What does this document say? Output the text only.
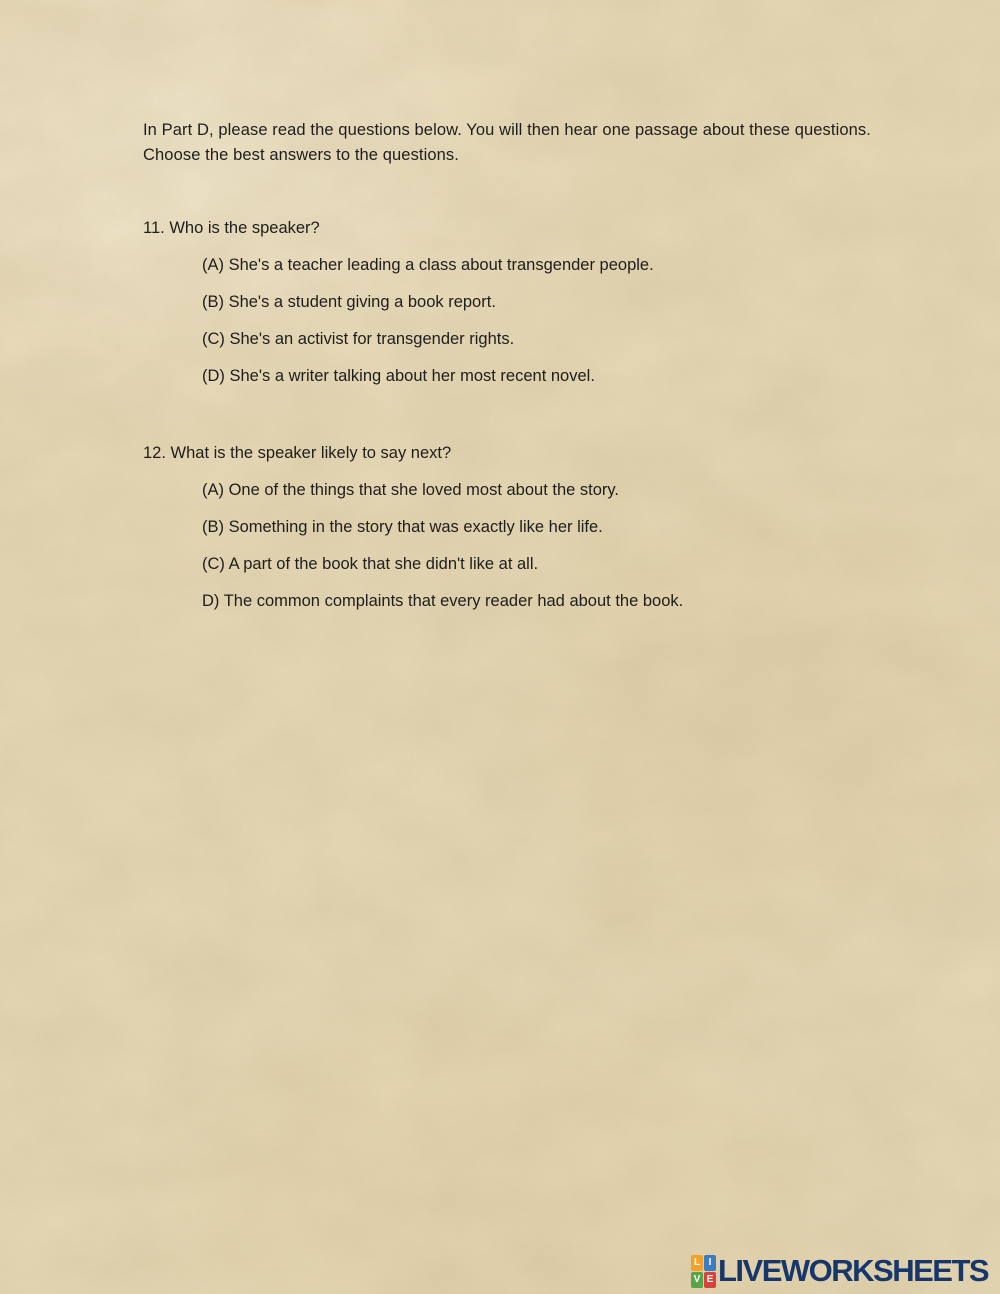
In Part D, please read the questions below. You will then hear one passage about these questions. Choose the best answers to the questions.

11. Who is the speaker?

(A) She's a teacher leading a class about transgender people.

(B) She's a student giving a book report.

(C) She's an activist for transgender rights.

(D) She's a writer talking about her most recent novel.

12. What is the speaker likely to say next?

(A) One of the things that she loved most about the story.

(B) Something in the story that was exactly like her life.

(C) A part of the book that she didn't like at all.

D) The common complaints that every reader had about the book.

L I
V E LIVEWORKSHEETS
